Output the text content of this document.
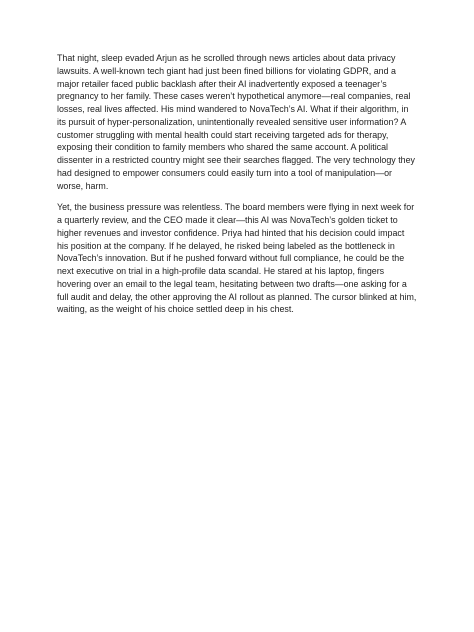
That night, sleep evaded Arjun as he scrolled through news articles about data privacy lawsuits. A well-known tech giant had just been fined billions for violating GDPR, and a major retailer faced public backlash after their AI inadvertently exposed a teenager’s pregnancy to her family. These cases weren’t hypothetical anymore—real companies, real losses, real lives affected. His mind wandered to NovaTech’s AI. What if their algorithm, in its pursuit of hyper-personalization, unintentionally revealed sensitive user information? A customer struggling with mental health could start receiving targeted ads for therapy, exposing their condition to family members who shared the same account. A political dissenter in a restricted country might see their searches flagged. The very technology they had designed to empower consumers could easily turn into a tool of manipulation—or worse, harm.

Yet, the business pressure was relentless. The board members were flying in next week for a quarterly review, and the CEO made it clear—this AI was NovaTech’s golden ticket to higher revenues and investor confidence. Priya had hinted that his decision could impact his position at the company. If he delayed, he risked being labeled as the bottleneck in NovaTech’s innovation. But if he pushed forward without full compliance, he could be the next executive on trial in a high-profile data scandal. He stared at his laptop, fingers hovering over an email to the legal team, hesitating between two drafts—one asking for a full audit and delay, the other approving the AI rollout as planned. The cursor blinked at him, waiting, as the weight of his choice settled deep in his chest.
